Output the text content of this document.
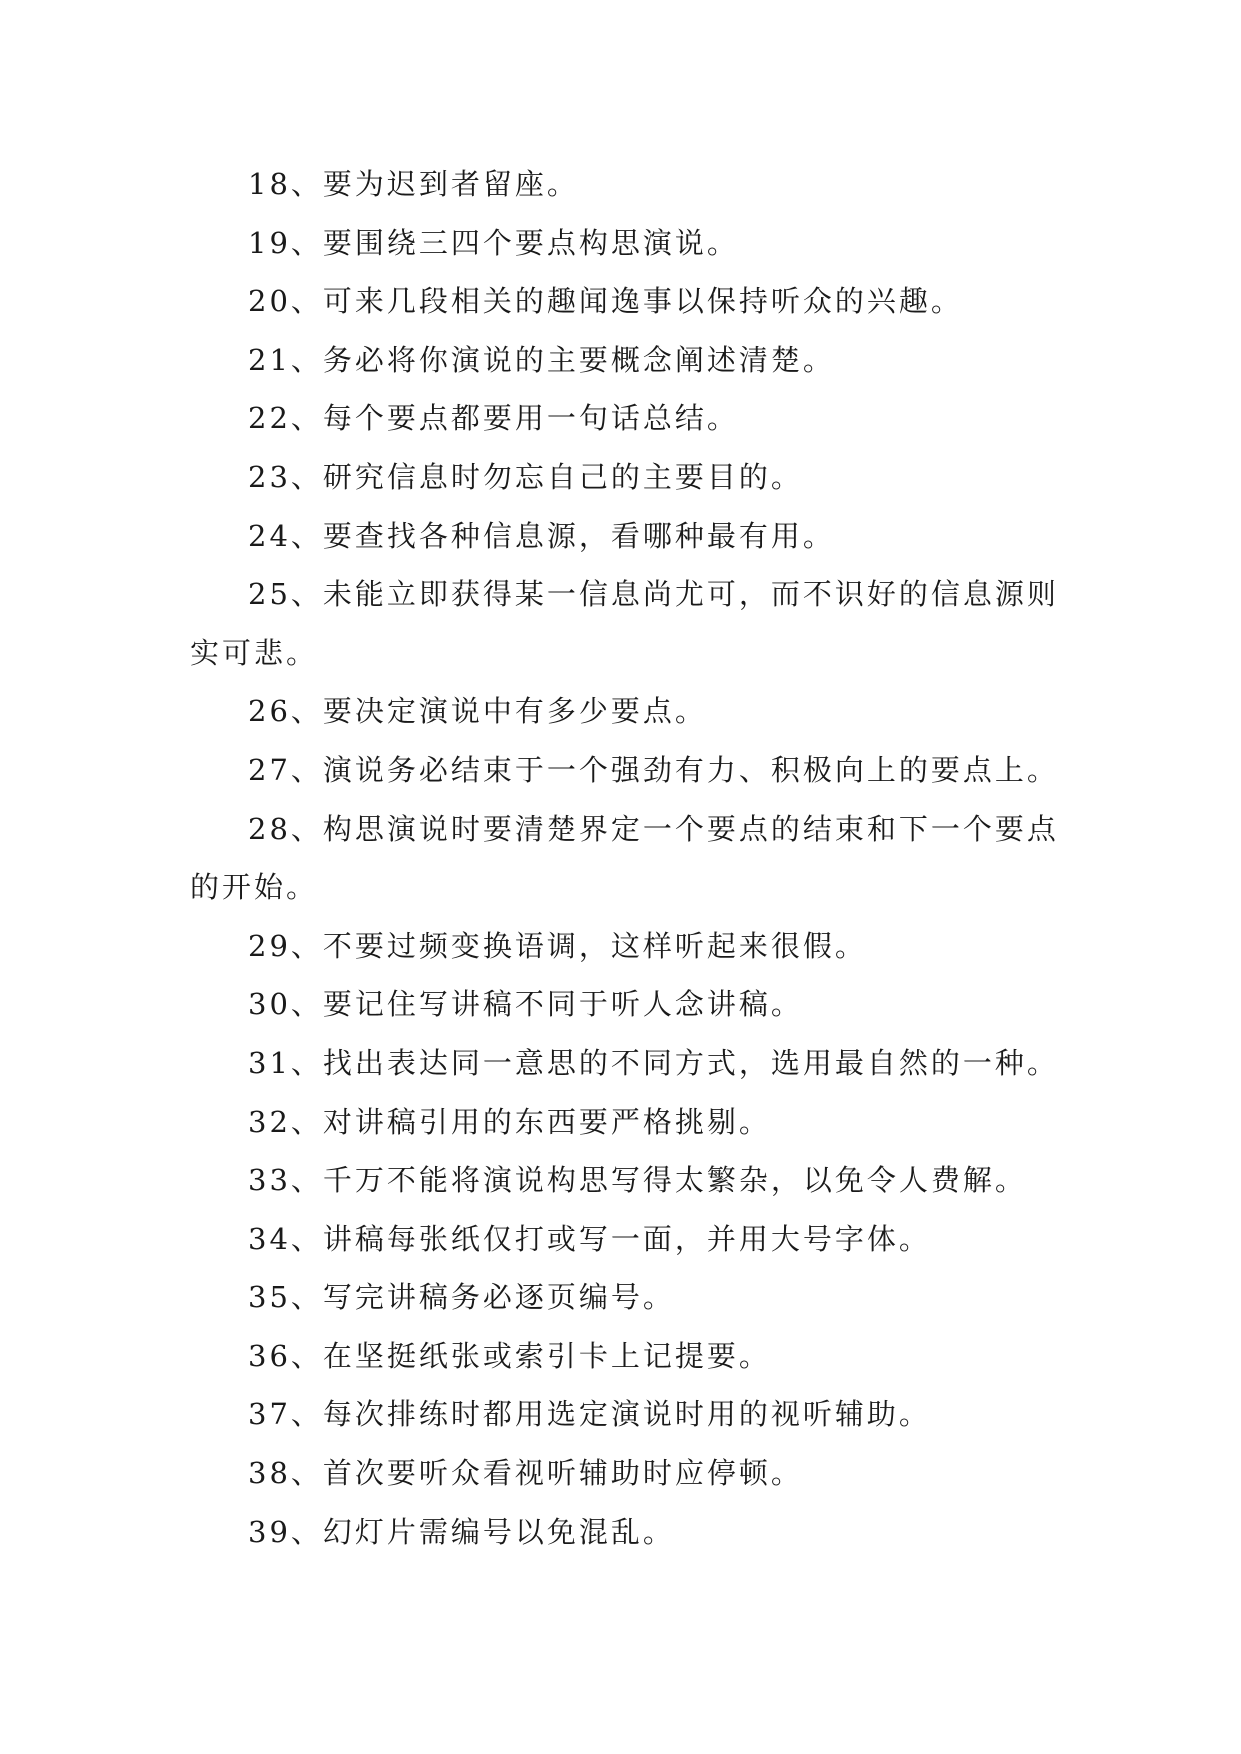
18、要为迟到者留座。

19、要围绕三四个要点构思演说。

20、可来几段相关的趣闻逸事以保持听众的兴趣。

21、务必将你演说的主要概念阐述清楚。

22、每个要点都要用一句话总结。

23、研究信息时勿忘自己的主要目的。

24、要查找各种信息源，看哪种最有用。

25、未能立即获得某一信息尚尤可，而不识好的信息源则实可悲。

26、要决定演说中有多少要点。

27、演说务必结束于一个强劲有力、积极向上的要点上。

28、构思演说时要清楚界定一个要点的结束和下一个要点的开始。

29、不要过频变换语调，这样听起来很假。

30、要记住写讲稿不同于听人念讲稿。

31、找出表达同一意思的不同方式，选用最自然的一种。

32、对讲稿引用的东西要严格挑剔。

33、千万不能将演说构思写得太繁杂，以免令人费解。

34、讲稿每张纸仅打或写一面，并用大号字体。

35、写完讲稿务必逐页编号。

36、在坚挺纸张或索引卡上记提要。

37、每次排练时都用选定演说时用的视听辅助。

38、首次要听众看视听辅助时应停顿。

39、幻灯片需编号以免混乱。
